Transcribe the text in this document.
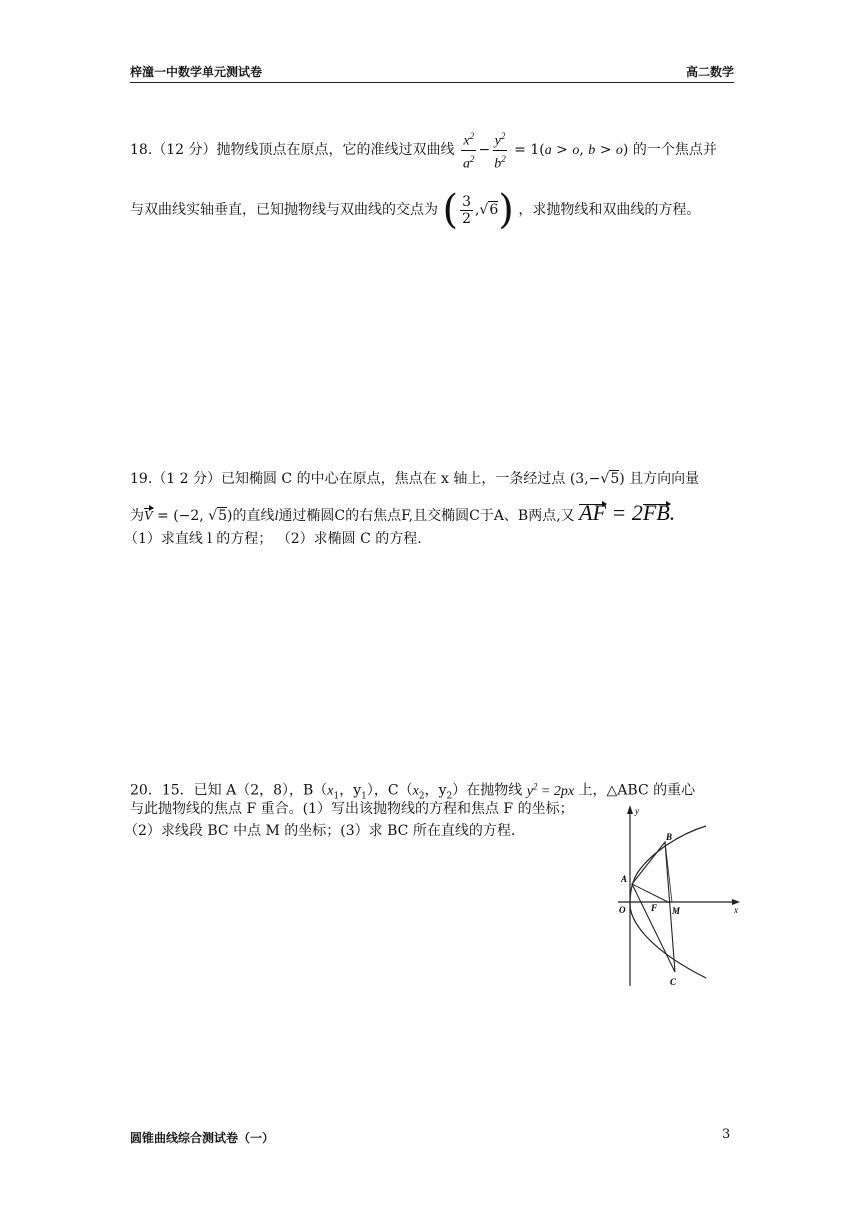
梓潼一中数学单元测试卷	高二数学
18.（12 分）抛物线顶点在原点，它的准线过双曲线 $\frac{x^2}{a^2} - \frac{y^2}{b^2} = 1(a > o$, b > o) 的一个焦点并
与双曲线实轴垂直，已知抛物线与双曲线的交点为 ( $\frac{3}{2} ,√6$) ，求抛物线和双曲线的方程。
19.（1 2 分）已知椭圆 C 的中心在原点，焦点在 x 轴上，一条经过点 (3,−√5) 且方向向量
为V = (−2, √5)的直线l通过椭圆C的右焦点F,且交椭圆C于A、B两点,又 AF = 2FB.
（1）求直线 l 的方程； （2）求椭圆 C 的方程.
20．15．已知 A（2，8），$B(x_1$，$y_1$），$C(x_2$，$y_2$）在抛物线 $y^2 = 2px$ 上，△ABC 的重心
与此抛物线的焦点 F 重合。(1）写出该抛物线的方程和焦点 F 的坐标；
（2）求线段 BC 中点 M 的坐标；(3）求 BC 所在直线的方程.
y
x
O
A
B
C
F M
圆锥曲线综合测试卷（一）	3
